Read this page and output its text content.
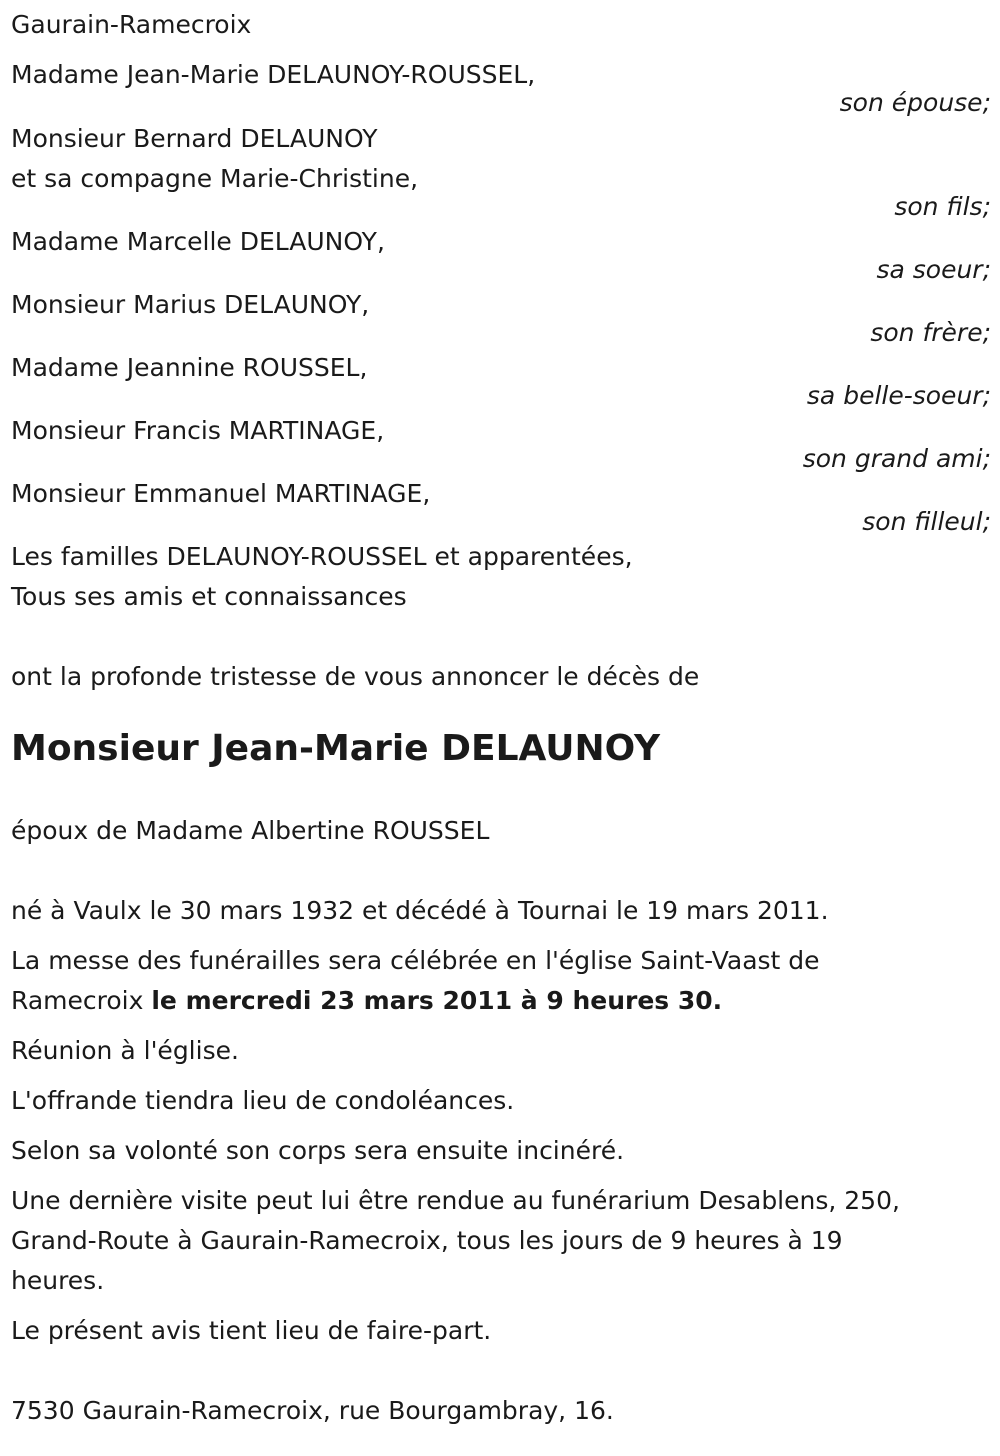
Gaurain-Ramecroix
Madame Jean-Marie DELAUNOY-ROUSSEL,
son épouse;
Monsieur Bernard DELAUNOY
et sa compagne Marie-Christine,
son fils;
Madame Marcelle DELAUNOY,
sa soeur;
Monsieur Marius DELAUNOY,
son frère;
Madame Jeannine ROUSSEL,
sa belle-soeur;
Monsieur Francis MARTINAGE,
son grand ami;
Monsieur Emmanuel MARTINAGE,
son filleul;
Les familles DELAUNOY-ROUSSEL et apparentées,
Tous ses amis et connaissances
ont la profonde tristesse de vous annoncer le décès de
Monsieur Jean-Marie DELAUNOY
époux de Madame Albertine ROUSSEL
né à Vaulx le 30 mars 1932 et décédé à Tournai le 19 mars 2011.
La messe des funérailles sera célébrée en l'église Saint-Vaast de
Ramecroix le mercredi 23 mars 2011 à 9 heures 30.
Réunion à l'église.
L'offrande tiendra lieu de condoléances.
Selon sa volonté son corps sera ensuite incinéré.
Une dernière visite peut lui être rendue au funérarium Desablens, 250,
Grand-Route à Gaurain-Ramecroix, tous les jours de 9 heures à 19
heures.
Le présent avis tient lieu de faire-part.
7530 Gaurain-Ramecroix, rue Bourgambray, 16.
